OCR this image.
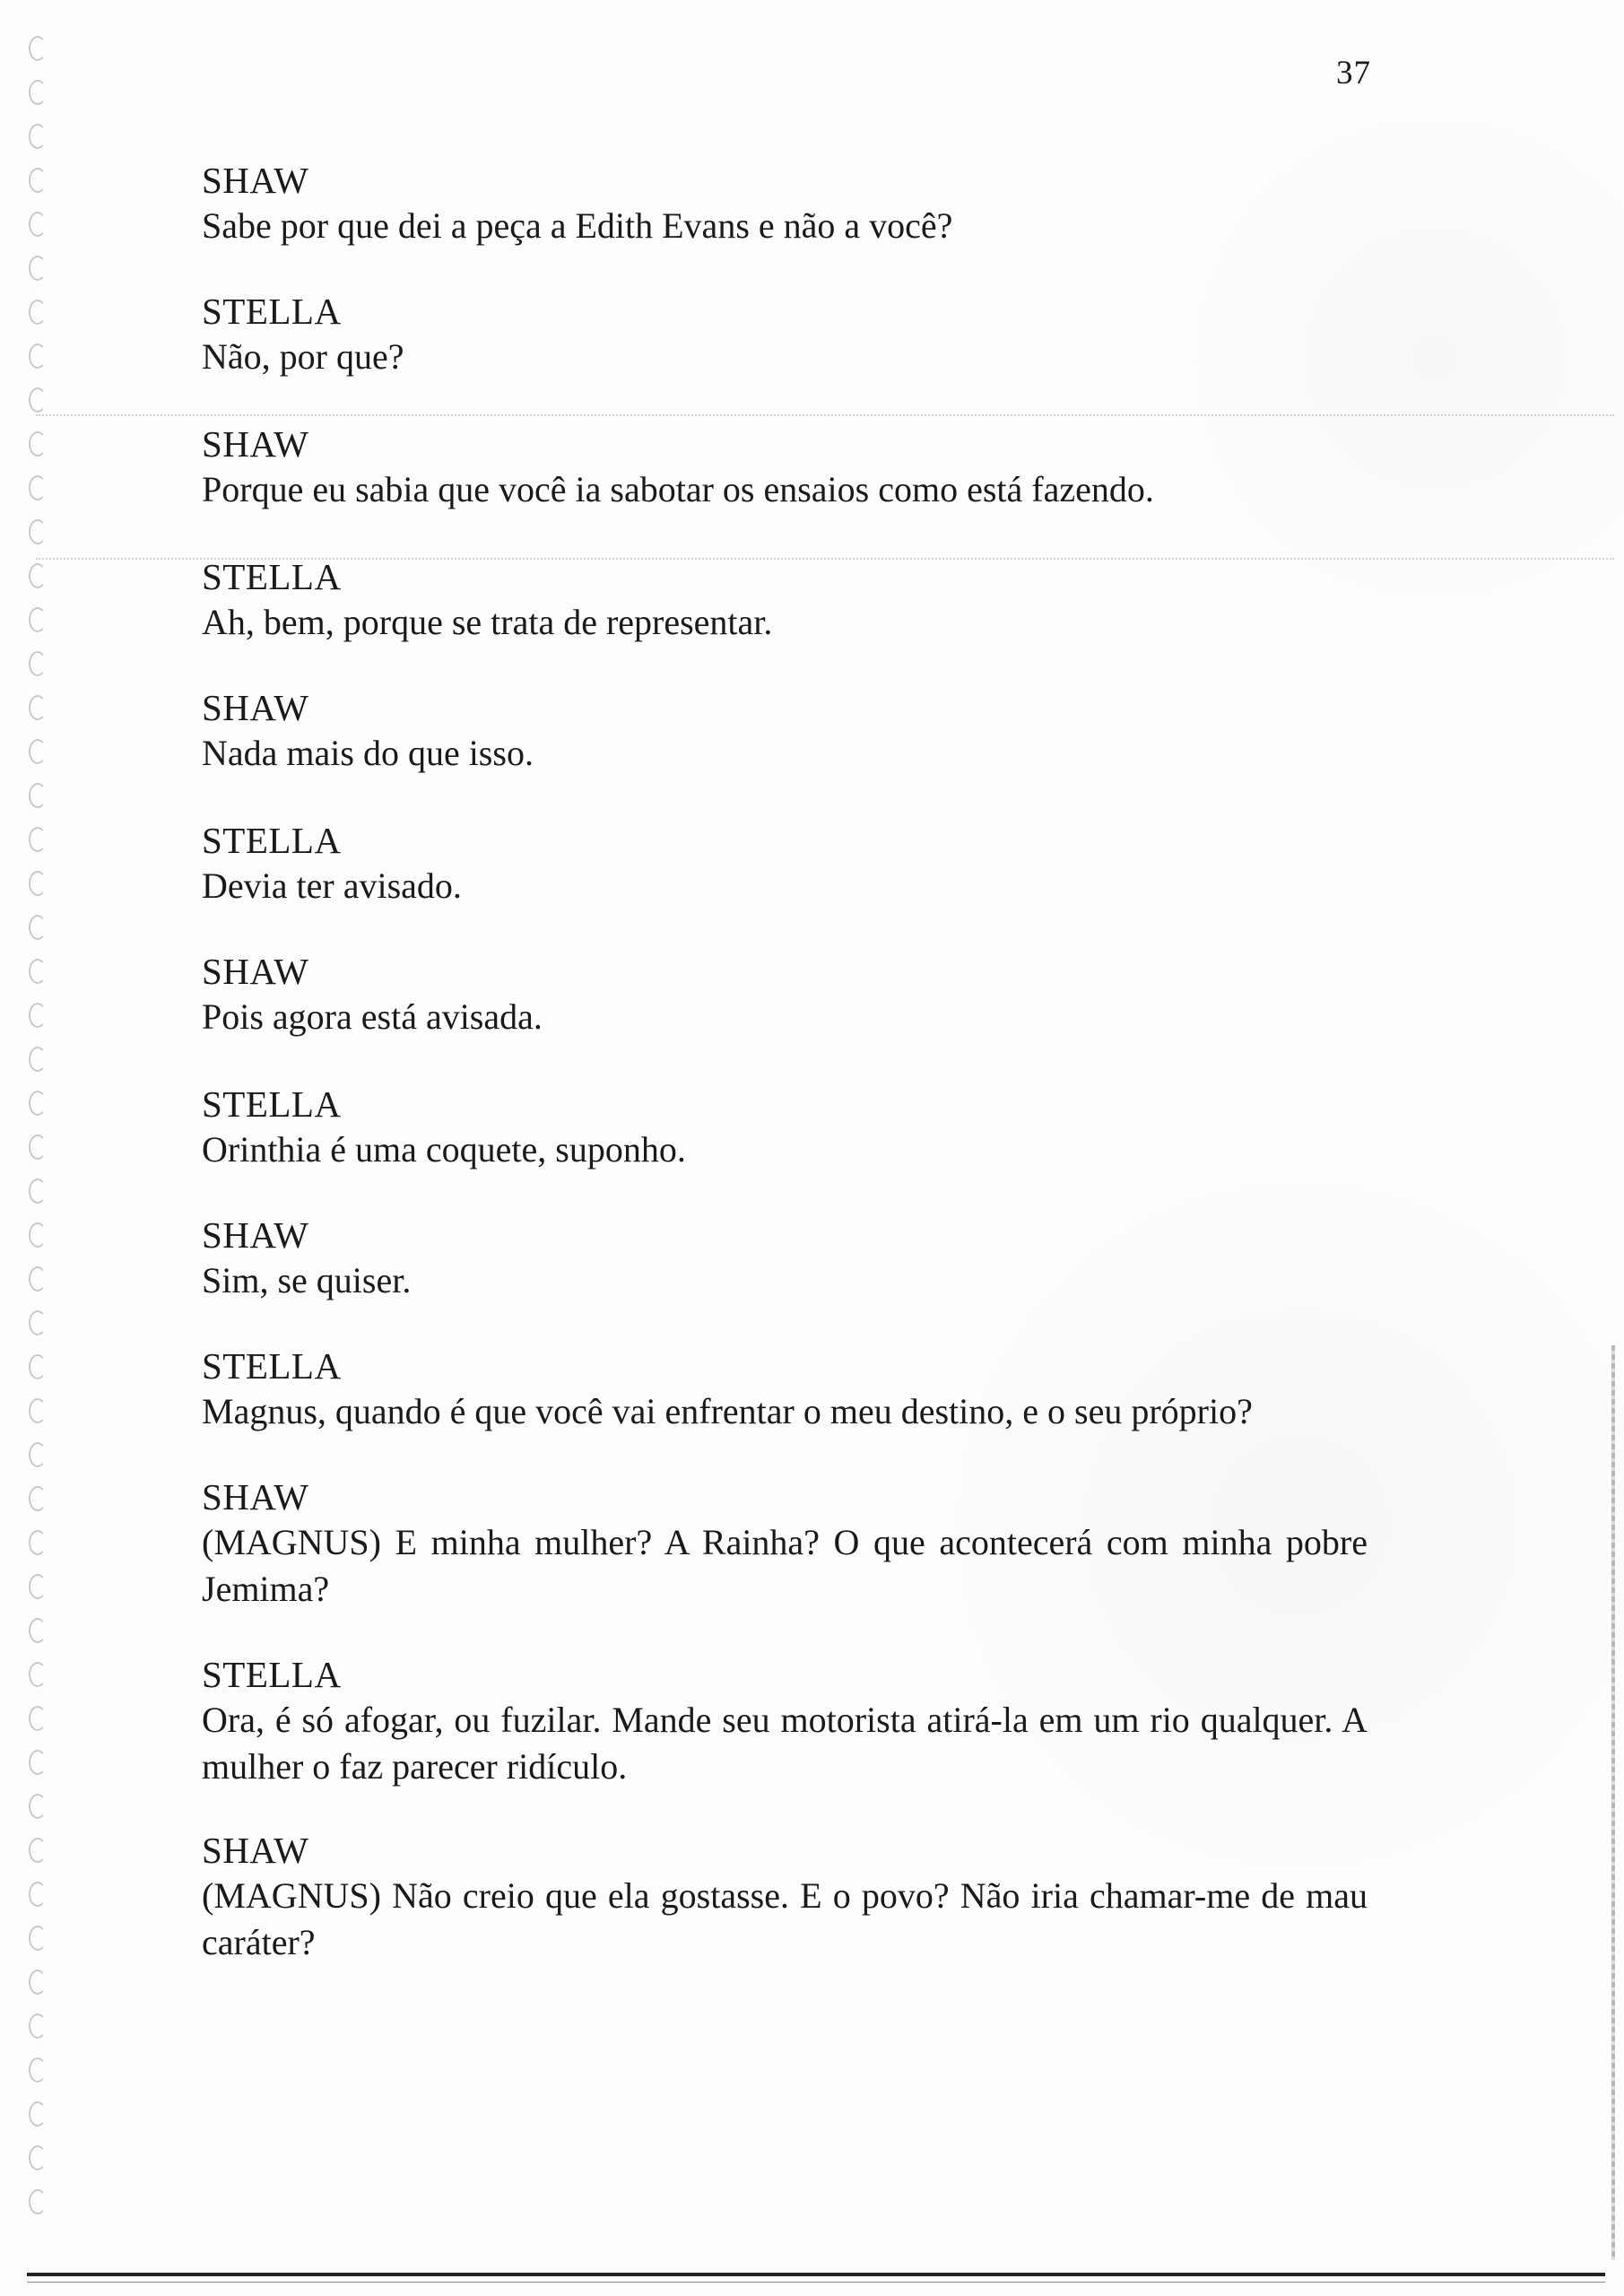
37
SHAW
Sabe por que dei a peça a Edith Evans e não a você?
STELLA
Não, por que?
SHAW
Porque eu sabia que você ia sabotar os ensaios como está fazendo.
STELLA
Ah, bem, porque se trata de representar.
SHAW
Nada mais do que isso.
STELLA
Devia ter avisado.
SHAW
Pois agora está avisada.
STELLA
Orinthia é uma coquete, suponho.
SHAW
Sim, se quiser.
STELLA
Magnus, quando é que você vai enfrentar o meu destino, e o seu próprio?
SHAW
(MAGNUS) E minha mulher? A Rainha? O que acontecerá com minha pobre Jemima?
STELLA
Ora, é só afogar, ou fuzilar. Mande seu motorista atirá-la em um rio qualquer. A mulher o faz parecer ridículo.
SHAW
(MAGNUS) Não creio que ela gostasse. E o povo? Não iria chamar-me de mau caráter?
